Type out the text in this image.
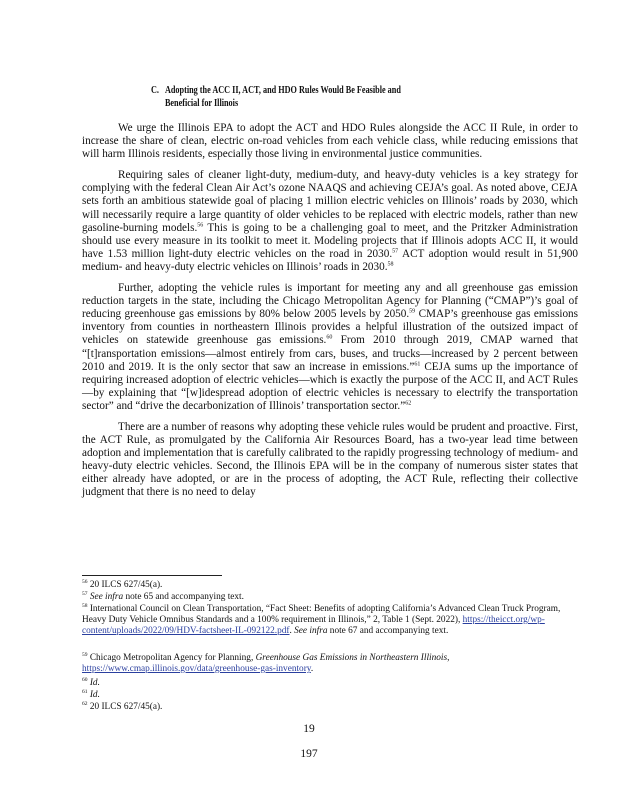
C. Adopting the ACC II, ACT, and HDO Rules Would Be Feasible and
Beneficial for Illinois

We urge the Illinois EPA to adopt the ACT and HDO Rules alongside the ACC II Rule, in order to increase the share of clean, electric on-road vehicles from each vehicle class, while reducing emissions that will harm Illinois residents, especially those living in environmental justice communities.

Requiring sales of cleaner light-duty, medium-duty, and heavy-duty vehicles is a key strategy for complying with the federal Clean Air Act’s ozone NAAQS and achieving CEJA’s goal. As noted above, CEJA sets forth an ambitious statewide goal of placing 1 million electric vehicles on Illinois’ roads by 2030, which will necessarily require a large quantity of older vehicles to be replaced with electric models, rather than new gasoline-burning models.$^{56}$ This is going to be a challenging goal to meet, and the Pritzker Administration should use every measure in its toolkit to meet it. Modeling projects that if Illinois adopts ACC II, it would have 1.53 million light-duty electric vehicles on the road in 2030.57 ACT adoption would result in 51,900 medium- and heavy-duty electric vehicles on Illinois’ roads in 2030.58

Further, adopting the vehicle rules is important for meeting any and all greenhouse gas emission reduction targets in the state, including the Chicago Metropolitan Agency for Planning (“CMAP”)’s goal of reducing greenhouse gas emissions by 80% below 2005 levels by 2050.59 CMAP’s greenhouse gas emissions inventory from counties in northeastern Illinois provides a helpful illustration of the outsized impact of vehicles on statewide greenhouse gas emissions.$^{60}$ From 2010 through 2019, CMAP warned that “[t]ransportation emissions—almost entirely from cars, buses, and trucks—increased by 2 percent between 2010 and 2019. It is the only sector that saw an increase in emissions.”$^{61}$ CEJA sums up the importance of requiring increased adoption of electric vehicles—which is exactly the purpose of the ACC II, and ACT Rules—by explaining that “[w]idespread adoption of electric vehicles is necessary to electrify the transportation sector” and “drive the decarbonization of Illinois’ transportation sector.”$^{62}$

There are a number of reasons why adopting these vehicle rules would be prudent and proactive. First, the ACT Rule, as promulgated by the California Air Resources Board, has a two-year lead time between adoption and implementation that is carefully calibrated to the rapidly progressing technology of medium- and heavy-duty electric vehicles. Second, the Illinois EPA will be in the company of numerous sister states that either already have adopted, or are in the process of adopting, the ACT Rule, reflecting their collective judgment that there is no need to delay

$^{56}$ 20 ILCS 627/45(a).
$^{57}$ See infra note 65 and accompanying text.
$^{58}$ International Council on Clean Transportation, “Fact Sheet: Benefits of adopting California’s Advanced Clean Truck Program, Heavy Duty Vehicle Omnibus Standards and a 100% requirement in Illinois,” 2, Table 1 (Sept. 2022), https://theicct.org/wp-content/uploads/2022/09/HDV-factsheet-IL-092122.pdf. See infra note 67 and accompanying text.
$^{59}$ Chicago Metropolitan Agency for Planning, Greenhouse Gas Emissions in Northeastern Illinois, https://www.cmap.illinois.gov/data/greenhouse-gas-inventory.
$^{60}$ Id.
$^{61}$ Id.
$^{62}$ 20 ILCS 627/45(a).
19
197
